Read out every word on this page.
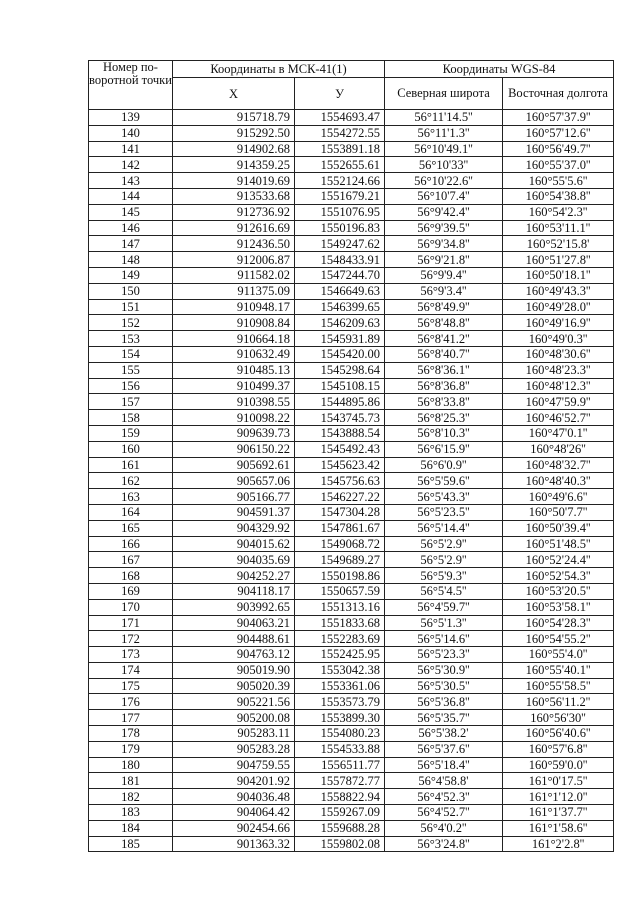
Номер по-воротной точки	Координаты в МСК-41(1)		Координаты WGS-84	
	X	У	Северная широта	Восточная долгота
139	915718.79	1554693.47	56°11'14.5''	160°57'37.9''
140	915292.50	1554272.55	56°11'1.3''	160°57'12.6''
141	914902.68	1553891.18	56°10'49.1''	160°56'49.7''
142	914359.25	1552655.61	56°10'33''	160°55'37.0''
143	914019.69	1552124.66	56°10'22.6''	160°55'5.6''
144	913533.68	1551679.21	56°10'7.4''	160°54'38.8''
145	912736.92	1551076.95	56°9'42.4''	160°54'2.3''
146	912616.69	1550196.83	56°9'39.5''	160°53'11.1''
147	912436.50	1549247.62	56°9'34.8''	160°52'15.8'
148	912006.87	1548433.91	56°9'21.8''	160°51'27.8''
149	911582.02	1547244.70	56°9'9.4''	160°50'18.1''
150	911375.09	1546649.63	56°9'3.4''	160°49'43.3''
151	910948.17	1546399.65	56°8'49.9''	160°49'28.0''
152	910908.84	1546209.63	56°8'48.8''	160°49'16.9''
153	910664.18	1545931.89	56°8'41.2''	160°49'0.3''
154	910632.49	1545420.00	56°8'40.7''	160°48'30.6''
155	910485.13	1545298.64	56°8'36.1''	160°48'23.3''
156	910499.37	1545108.15	56°8'36.8''	160°48'12.3''
157	910398.55	1544895.86	56°8'33.8''	160°47'59.9''
158	910098.22	1543745.73	56°8'25.3''	160°46'52.7''
159	909639.73	1543888.54	56°8'10.3''	160°47'0.1''
160	906150.22	1545492.43	56°6'15.9''	160°48'26''
161	905692.61	1545623.42	56°6'0.9''	160°48'32.7''
162	905657.06	1545756.63	56°5'59.6''	160°48'40.3''
163	905166.77	1546227.22	56°5'43.3''	160°49'6.6''
164	904591.37	1547304.28	56°5'23.5''	160°50'7.7''
165	904329.92	1547861.67	56°5'14.4''	160°50'39.4''
166	904015.62	1549068.72	56°5'2.9''	160°51'48.5''
167	904035.69	1549689.27	56°5'2.9''	160°52'24.4''
168	904252.27	1550198.86	56°5'9.3''	160°52'54.3''
169	904118.17	1550657.59	56°5'4.5''	160°53'20.5''
170	903992.65	1551313.16	56°4'59.7''	160°53'58.1''
171	904063.21	1551833.68	56°5'1.3''	160°54'28.3''
172	904488.61	1552283.69	56°5'14.6''	160°54'55.2''
173	904763.12	1552425.95	56°5'23.3''	160°55'4.0''
174	905019.90	1553042.38	56°5'30.9''	160°55'40.1''
175	905020.39	1553361.06	56°5'30.5''	160°55'58.5''
176	905221.56	1553573.79	56°5'36.8''	160°56'11.2''
177	905200.08	1553899.30	56°5'35.7''	160°56'30''
178	905283.11	1554080.23	56°5'38.2'	160°56'40.6''
179	905283.28	1554533.88	56°5'37.6''	160°57'6.8''
180	904759.55	1556511.77	56°5'18.4''	160°59'0.0''
181	904201.92	1557872.77	56°4'58.8'	161°0'17.5''
182	904036.48	1558822.94	56°4'52.3''	161°1'12.0''
183	904064.42	1559267.09	56°4'52.7''	161°1'37.7''
184	902454.66	1559688.28	56°4'0.2''	161°1'58.6''
185	901363.32	1559802.08	56°3'24.8''	161°2'2.8''
